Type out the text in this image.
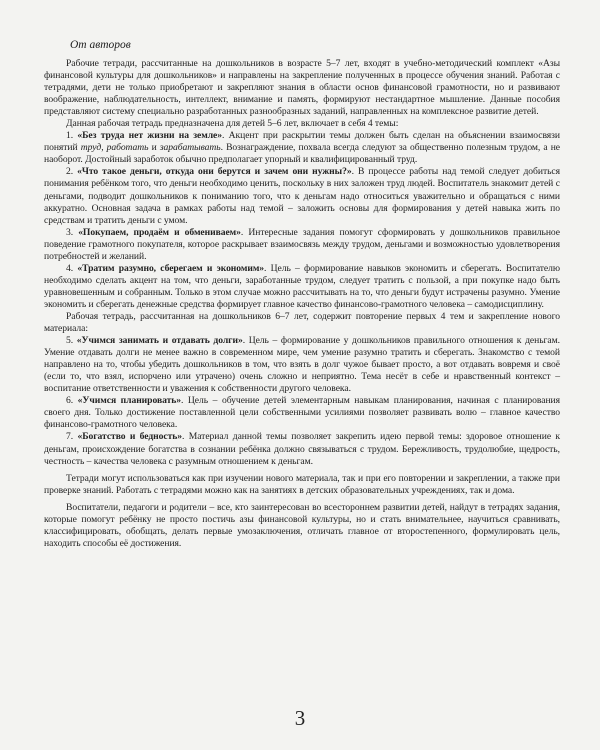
От авторов

Рабочие тетради, рассчитанные на дошкольников в возрасте 5–7 лет, входят в учебно-методический комплект «Азы финансовой культуры для дошкольников» и направлены на закрепление полученных в процессе обучения знаний. Работая с тетрадями, дети не только приобретают и закрепляют знания в области основ финансовой грамотности, но и развивают воображение, наблюдательность, интеллект, внимание и память, формируют нестандартное мышление. Данные пособия представляют систему специально разработанных разнообразных заданий, направленных на комплексное развитие детей.

Данная рабочая тетрадь предназначена для детей 5–6 лет, включает в себя 4 темы:

1. «Без труда нет жизни на земле». Акцент при раскрытии темы должен быть сделан на объяснении взаимосвязи понятий труд, работать и зарабатывать. Вознаграждение, похвала всегда следуют за общественно полезным трудом, а не наоборот. Достойный заработок обычно предполагает упорный и квалифицированный труд.

2. «Что такое деньги, откуда они берутся и зачем они нужны?». В процессе работы над темой следует добиться понимания ребёнком того, что деньги необходимо ценить, поскольку в них заложен труд людей. Воспитатель знакомит детей с деньгами, подводит дошкольников к пониманию того, что к деньгам надо относиться уважительно и обращаться с ними аккуратно. Основная задача в рамках работы над темой – заложить основы для формирования у детей навыка жить по средствам и тратить деньги с умом.

3. «Покупаем, продаём и обмениваем». Интересные задания помогут сформировать у дошкольников правильное поведение грамотного покупателя, которое раскрывает взаимосвязь между трудом, деньгами и возможностью удовлетворения потребностей и желаний.

4. «Тратим разумно, сберегаем и экономим». Цель – формирование навыков экономить и сберегать. Воспитателю необходимо сделать акцент на том, что деньги, заработанные трудом, следует тратить с пользой, а при покупке надо быть уравновешенным и собранным. Только в этом случае можно рассчитывать на то, что деньги будут истрачены разумно. Умение экономить и сберегать денежные средства формирует главное качество финансово-грамотного человека – самодисциплину.

Рабочая тетрадь, рассчитанная на дошкольников 6–7 лет, содержит повторение первых 4 тем и закрепление нового материала:

5. «Учимся занимать и отдавать долги». Цель – формирование у дошкольников правильного отношения к деньгам. Умение отдавать долги не менее важно в современном мире, чем умение разумно тратить и сберегать. Знакомство с темой направлено на то, чтобы убедить дошкольников в том, что взять в долг чужое бывает просто, а вот отдавать вовремя и своё (если то, что взял, испорчено или утрачено) очень сложно и неприятно. Тема несёт в себе и нравственный контекст – воспитание ответственности и уважения к собственности другого человека.

6. «Учимся планировать». Цель – обучение детей элементарным навыкам планирования, начиная с планирования своего дня. Только достижение поставленной цели собственными усилиями позволяет развивать волю – главное качество финансово-грамотного человека.

7. «Богатство и бедность». Материал данной темы позволяет закрепить идею первой темы: здоровое отношение к деньгам, происхождение богатства в сознании ребёнка должно связываться с трудом. Бережливость, трудолюбие, щедрость, честность – качества человека с разумным отношением к деньгам.

Тетради могут использоваться как при изучении нового материала, так и при его повторении и закреплении, а также при проверке знаний. Работать с тетрадями можно как на занятиях в детских образовательных учреждениях, так и дома.

Воспитатели, педагоги и родители – все, кто заинтересован во всестороннем развитии детей, найдут в тетрадях задания, которые помогут ребёнку не просто постичь азы финансовой культуры, но и стать внимательнее, научиться сравнивать, классифицировать, обобщать, делать первые умозаключения, отличать главное от второстепенного, формулировать цель, находить способы её достижения.

3
